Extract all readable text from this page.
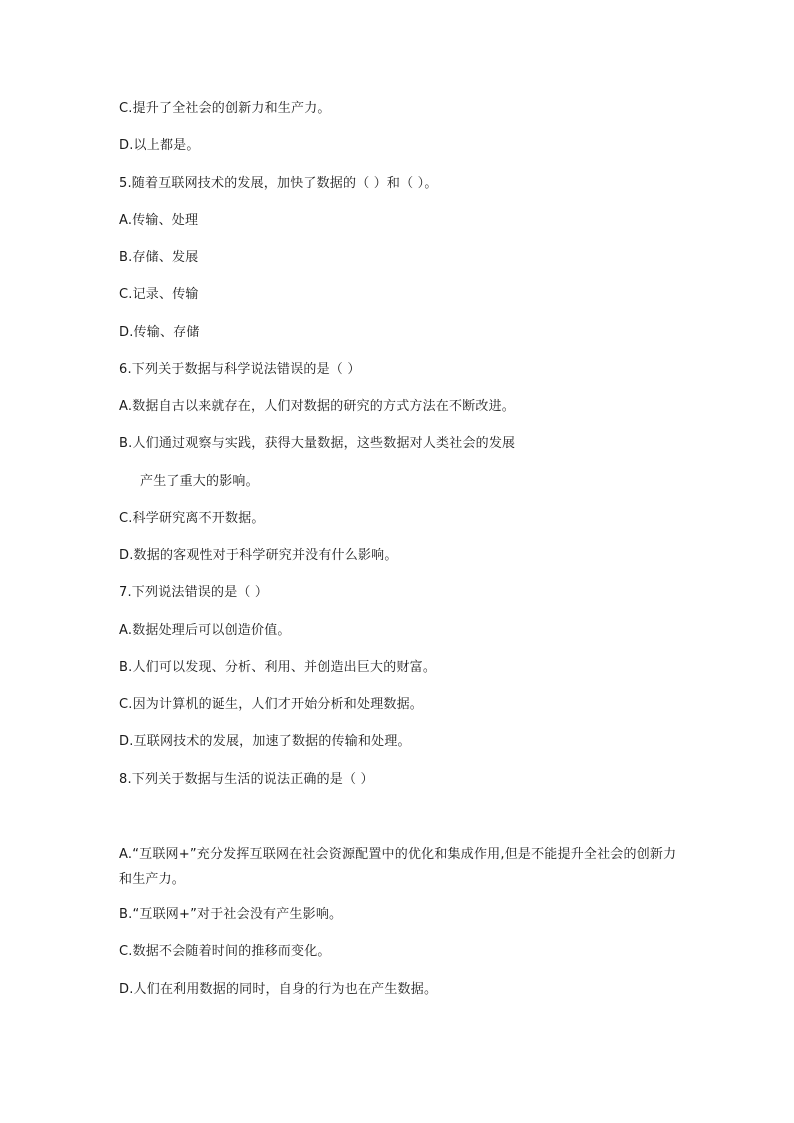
C.提升了全社会的创新力和生产力。
D.以上都是。
5.随着互联网技术的发展，加快了数据的（ ）和（ ）。
A.传输、处理
B.存储、发展
C.记录、传输
D.传输、存储
6.下列关于数据与科学说法错误的是（ ）
A.数据自古以来就存在，人们对数据的研究的方式方法在不断改进。
B.人们通过观察与实践，获得大量数据，这些数据对人类社会的发展
产生了重大的影响。
C.科学研究离不开数据。
D.数据的客观性对于科学研究并没有什么影响。
7.下列说法错误的是（ ）
A.数据处理后可以创造价值。
B.人们可以发现、分析、利用、并创造出巨大的财富。
C.因为计算机的诞生，人们才开始分析和处理数据。
D.互联网技术的发展，加速了数据的传输和处理。
8.下列关于数据与生活的说法正确的是（ ）
A.“互联网+”充分发挥互联网在社会资源配置中的优化和集成作用,但是不能提升全社会的创新力和生产力。
B.“互联网+”对于社会没有产生影响。
C.数据不会随着时间的推移而变化。
D.人们在利用数据的同时，自身的行为也在产生数据。
